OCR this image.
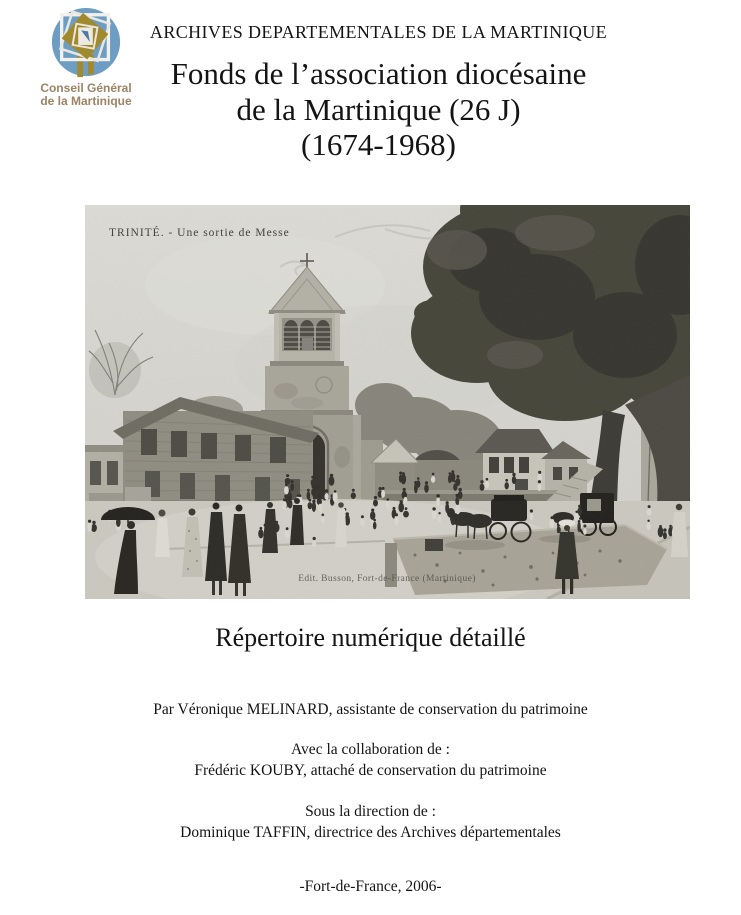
Conseil Général
de la Martinique
ARCHIVES DEPARTEMENTALES DE LA MARTINIQUE
Fonds de l’association diocésaine
de la Martinique (26 J)
(1674-1968)
Répertoire numérique détaillé
Par Véronique MELINARD, assistante de conservation du patrimoine
Avec la collaboration de :
Frédéric KOUBY, attaché de conservation du patrimoine
Sous la direction de :
Dominique TAFFIN, directrice des Archives départementales
-Fort-de-France, 2006-
